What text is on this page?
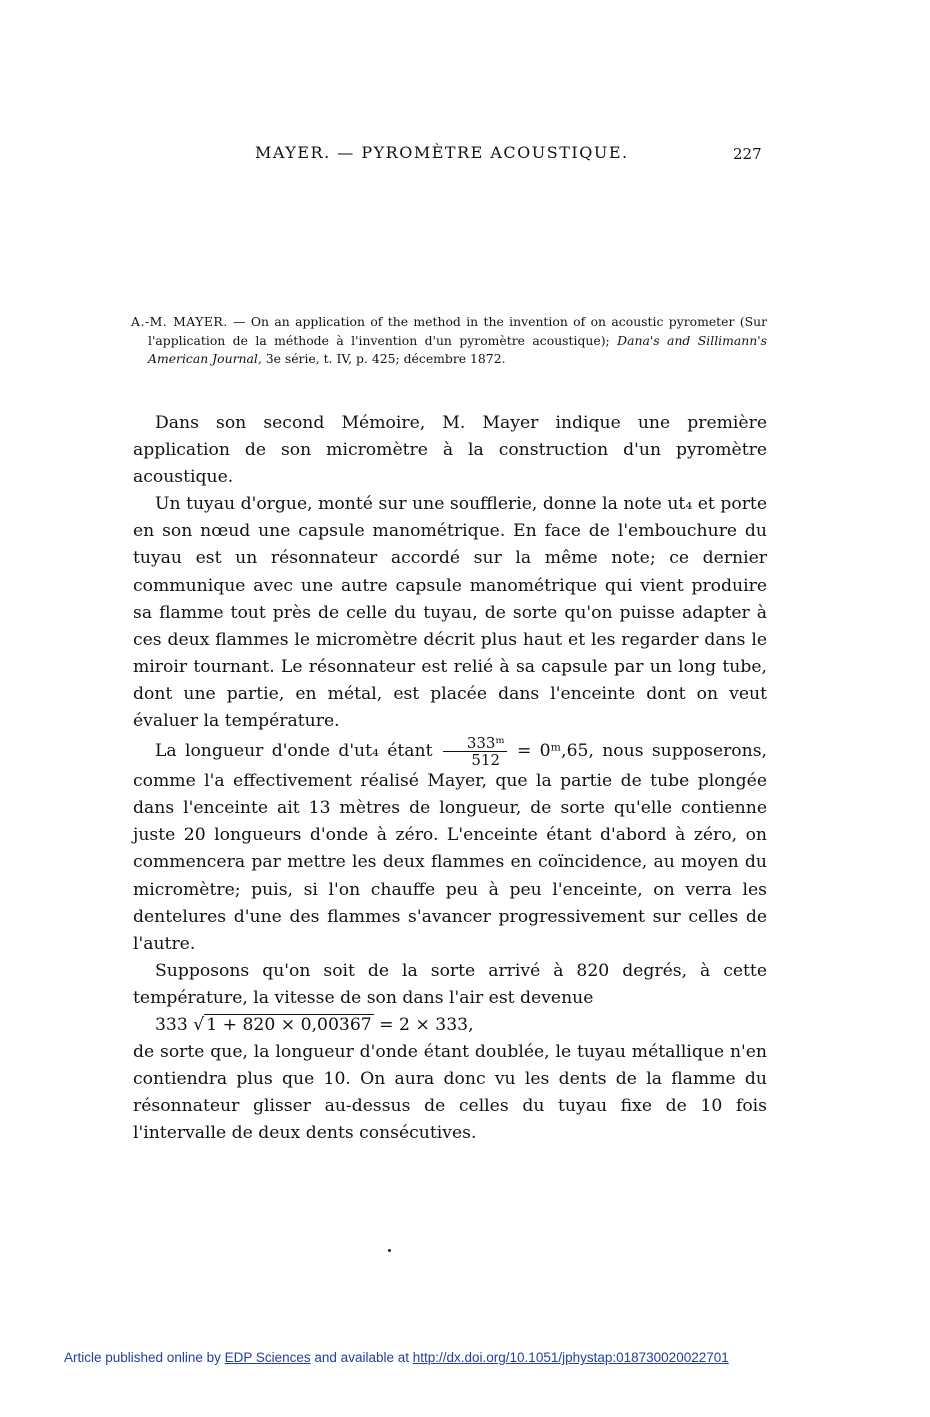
MAYER. — PYROMÈTRE ACOUSTIQUE.	227

A.-M. MAYER. — On an application of the method in the invention of on acoustic pyrometer (Sur l'application de la méthode à l'invention d'un pyromètre acoustique); Dana's and Sillimann's American Journal, 3e série, t. IV, p. 425; décembre 1872.

Dans son second Mémoire, M. Mayer indique une première application de son micromètre à la construction d'un pyromètre acoustique.

Un tuyau d'orgue, monté sur une soufflerie, donne la note ut₄ et porte en son nœud une capsule manométrique. En face de l'embouchure du tuyau est un résonnateur accordé sur la même note; ce dernier communique avec une autre capsule manométrique qui vient produire sa flamme tout près de celle du tuyau, de sorte qu'on puisse adapter à ces deux flammes le micromètre décrit plus haut et les regarder dans le miroir tournant. Le résonnateur est relié à sa capsule par un long tube, dont une partie, en métal, est placée dans l'enceinte dont on veut évaluer la température.

La longueur d'onde d'ut₄ étant $\frac{\text{333ᵐ}}{512}$ = 0ᵐ,65, nous supposerons, comme l'a effectivement réalisé Mayer, que la partie de tube plongée dans l'enceinte ait 13 mètres de longueur, de sorte qu'elle contienne juste 20 longueurs d'onde à zéro. L'enceinte étant d'abord à zéro, on commencera par mettre les deux flammes en coïncidence, au moyen du micromètre; puis, si l'on chauffe peu à peu l'enceinte, on verra les dentelures d'une des flammes s'avancer progressivement sur celles de l'autre.

Supposons qu'on soit de la sorte arrivé à 820 degrés, à cette température, la vitesse de son dans l'air est devenue

333 √ 1 + 820 × 0,00367 = 2 × 333,

de sorte que, la longueur d'onde étant doublée, le tuyau métallique n'en contiendra plus que 10. On aura donc vu les dents de la flamme du résonnateur glisser au-dessus de celles du tuyau fixe de 10 fois l'intervalle de deux dents consécutives.

Article published online by EDP Sciences and available at http://dx.doi.org/10.1051/jphystap:018730020022701
